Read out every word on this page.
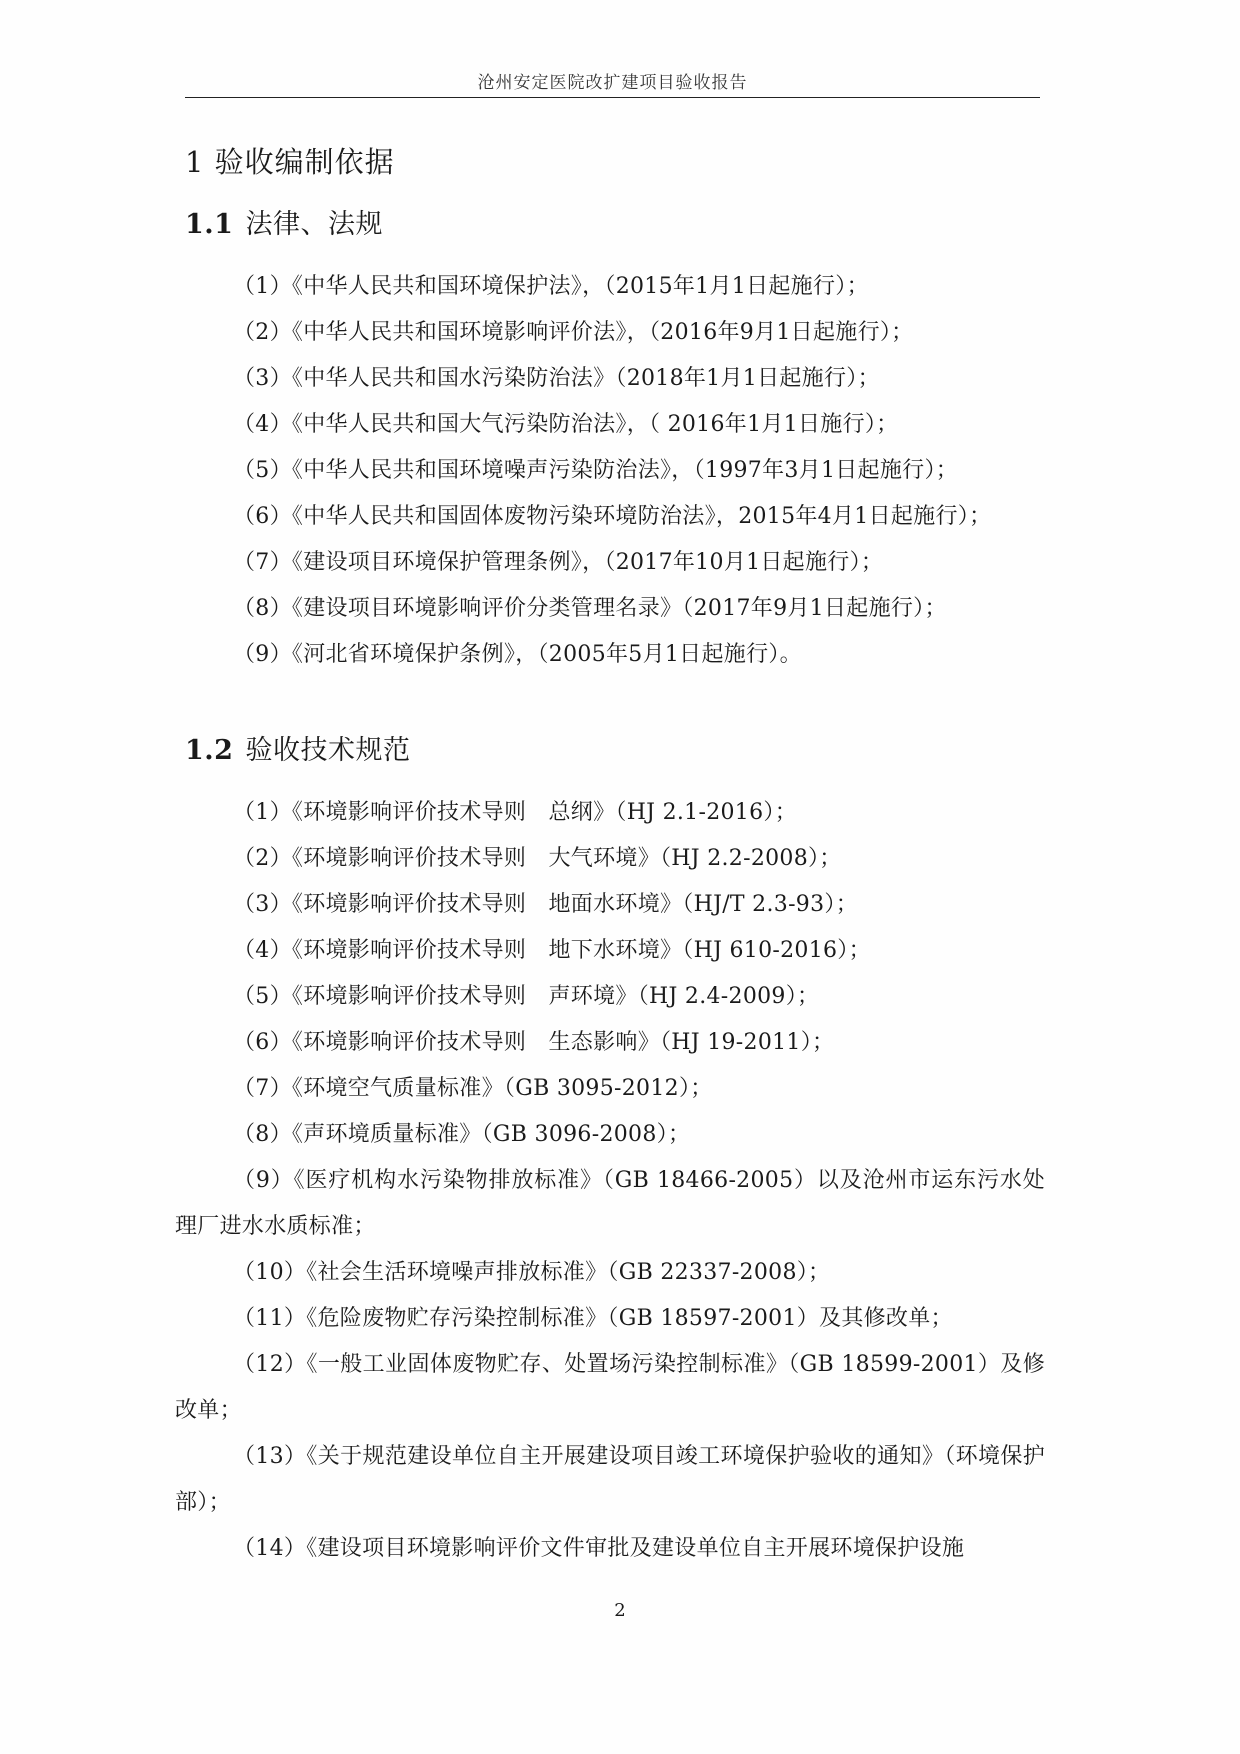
沧州安定医院改扩建项目验收报告
1 验收编制依据
1.1 法律、法规
（1）《中华人民共和国环境保护法》，（2015年1月1日起施行）；
（2）《中华人民共和国环境影响评价法》，（2016年9月1日起施行）；
（3）《中华人民共和国水污染防治法》（2018年1月1日起施行）；
（4）《中华人民共和国大气污染防治法》，（ 2016年1月1日施行）；
（5）《中华人民共和国环境噪声污染防治法》，（1997年3月1日起施行）；
（6）《中华人民共和国固体废物污染环境防治法》，2015年4月1日起施行）；
（7）《建设项目环境保护管理条例》，（2017年10月1日起施行）；
（8）《建设项目环境影响评价分类管理名录》（2017年9月1日起施行）；
（9）《河北省环境保护条例》，（2005年5月1日起施行）。
1.2 验收技术规范
（1）《环境影响评价技术导则　总纲》（HJ 2.1-2016）；
（2）《环境影响评价技术导则　大气环境》（HJ 2.2-2008）；
（3）《环境影响评价技术导则　地面水环境》（HJ/T 2.3-93）；
（4）《环境影响评价技术导则　地下水环境》（HJ 610-2016）；
（5）《环境影响评价技术导则　声环境》（HJ 2.4-2009）；
（6）《环境影响评价技术导则　生态影响》（HJ 19-2011）；
（7）《环境空气质量标准》（GB 3095-2012）；
（8）《声环境质量标准》（GB 3096-2008）；
（9）《医疗机构水污染物排放标准》（GB 18466-2005）以及沧州市运东污水处理厂进水水质标准；
（10）《社会生活环境噪声排放标准》（GB 22337-2008）；
（11）《危险废物贮存污染控制标准》（GB 18597-2001）及其修改单；
（12）《一般工业固体废物贮存、处置场污染控制标准》（GB 18599-2001）及修改单；
（13）《关于规范建设单位自主开展建设项目竣工环境保护验收的通知》（环境保护部）；
（14）《建设项目环境影响评价文件审批及建设单位自主开展环境保护设施
2
